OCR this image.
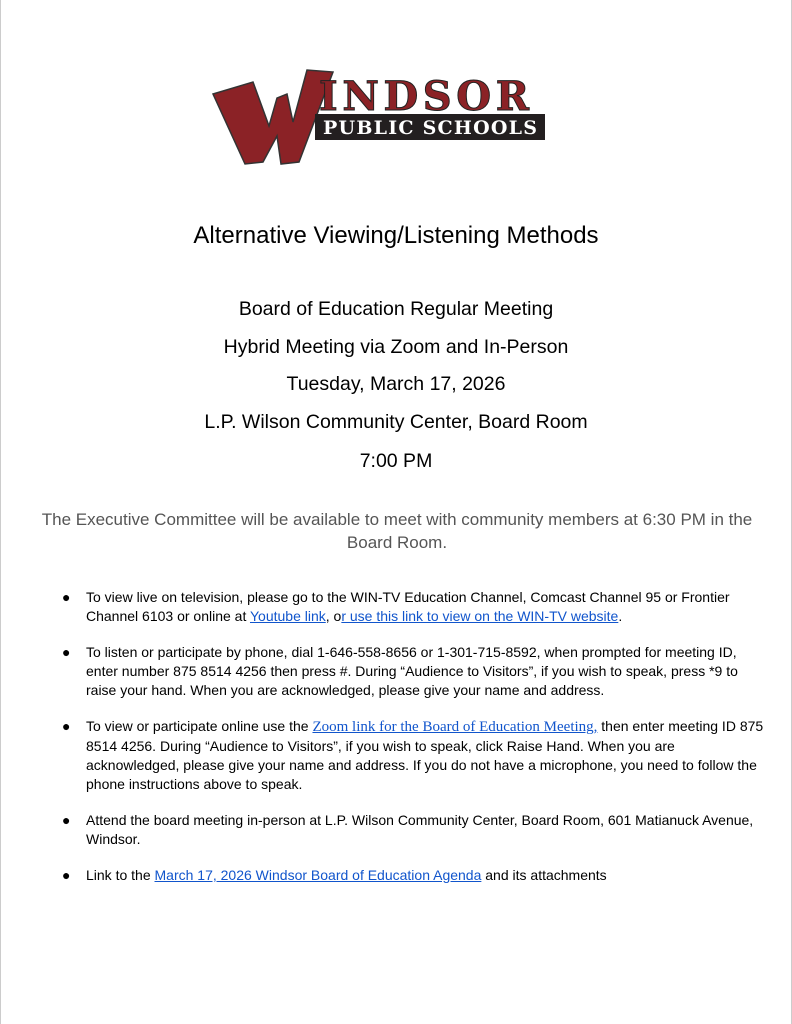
INDSOR
PUBLIC SCHOOLS
Alternative Viewing/Listening Methods
Board of Education Regular Meeting
Hybrid Meeting via Zoom and In-Person
Tuesday, March 17, 2026
L.P. Wilson Community Center, Board Room
7:00 PM
The Executive Committee will be available to meet with community members at 6:30 PM in the Board Room.
● To view live on television, please go to the WIN-TV Education Channel, Comcast Channel 95 or Frontier Channel 6103 or online at Youtube link, or use this link to view on the WIN-TV website.
● To listen or participate by phone, dial 1-646-558-8656 or 1-301-715-8592, when prompted for meeting ID, enter number 875 8514 4256 then press #. During “Audience to Visitors”, if you wish to speak, press *9 to raise your hand. When you are acknowledged, please give your name and address.
● To view or participate online use the Zoom link for the Board of Education Meeting, then enter meeting ID 875 8514 4256. During “Audience to Visitors”, if you wish to speak, click Raise Hand. When you are acknowledged, please give your name and address. If you do not have a microphone, you need to follow the phone instructions above to speak.
● Attend the board meeting in-person at L.P. Wilson Community Center, Board Room, 601 Matianuck Avenue, Windsor.
● Link to the March 17, 2026 Windsor Board of Education Agenda and its attachments
